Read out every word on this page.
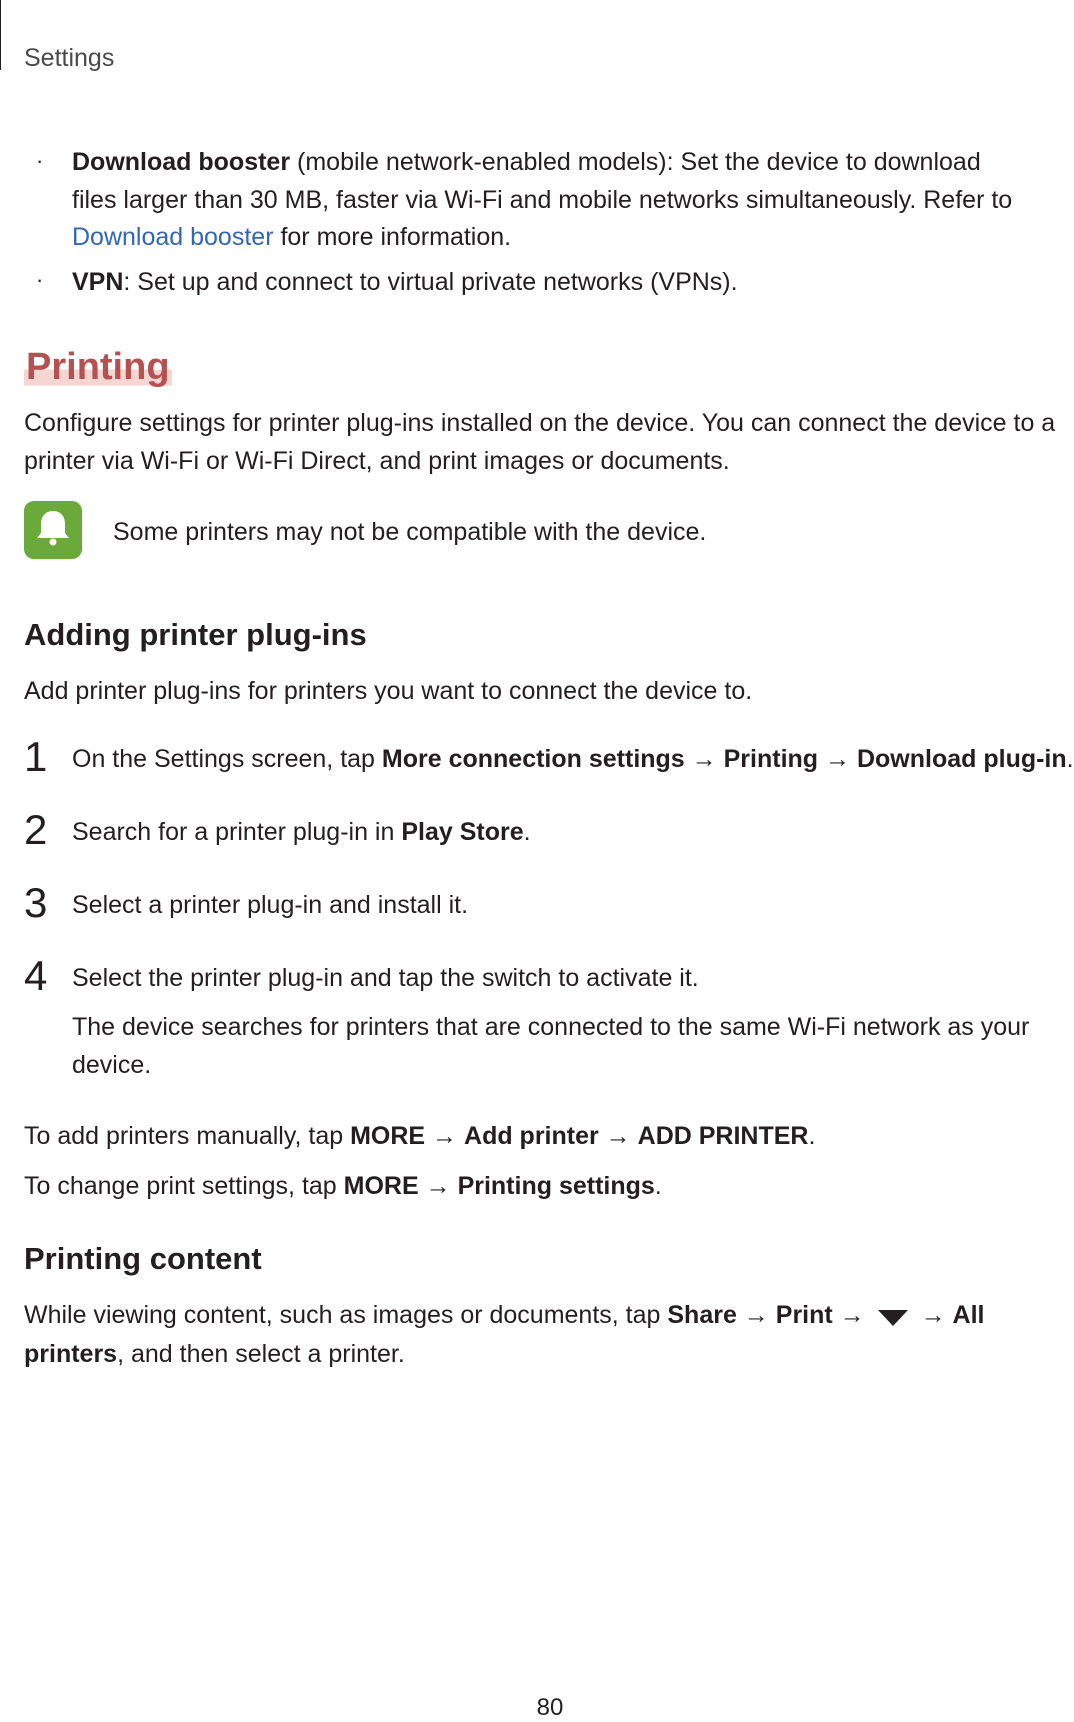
Settings
· Download booster (mobile network-enabled models): Set the device to download
files larger than 30 MB, faster via Wi-Fi and mobile networks simultaneously. Refer to
Download booster for more information.
· VPN: Set up and connect to virtual private networks (VPNs).
Printing
Configure settings for printer plug-ins installed on the device. You can connect the device to a
printer via Wi-Fi or Wi-Fi Direct, and print images or documents.
Some printers may not be compatible with the device.
Adding printer plug-ins
Add printer plug-ins for printers you want to connect the device to.
1 On the Settings screen, tap More connection settings → Printing → Download plug-in.
2 Search for a printer plug-in in Play Store.
3 Select a printer plug-in and install it.
4 Select the printer plug-in and tap the switch to activate it.
The device searches for printers that are connected to the same Wi-Fi network as your
device.
To add printers manually, tap MORE → Add printer → ADD PRINTER.
To change print settings, tap MORE → Printing settings.
Printing content
While viewing content, such as images or documents, tap Share → Print →  → All
printers, and then select a printer.
80
